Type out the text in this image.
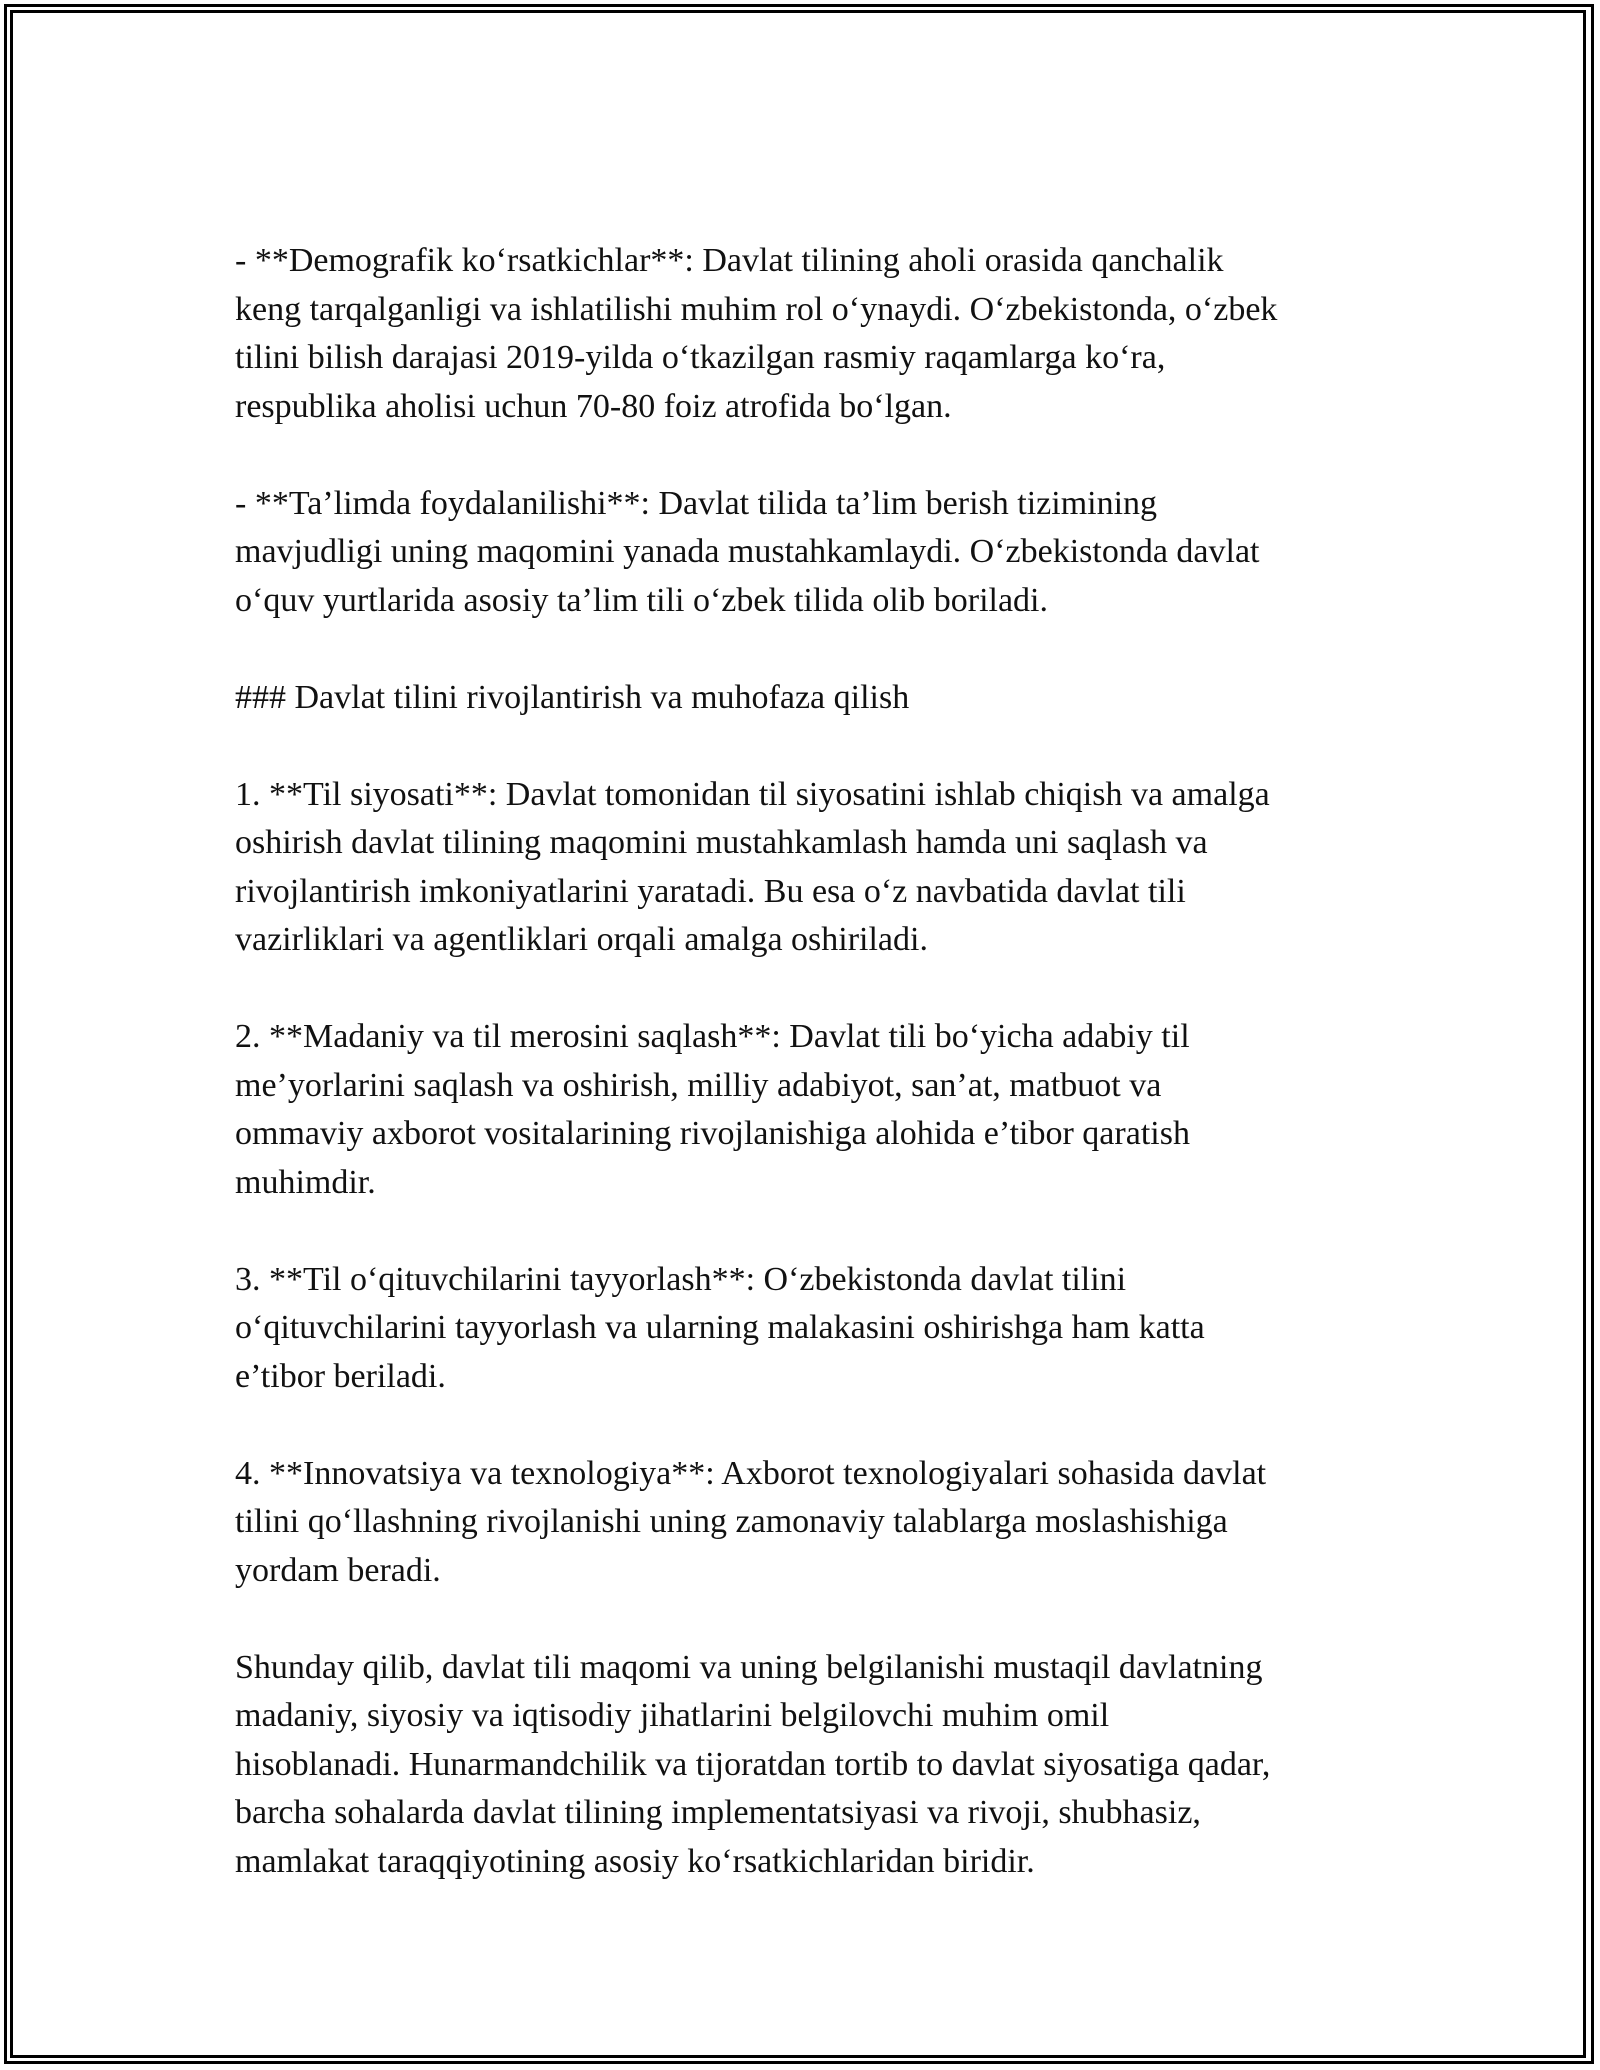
- **Demografik ko‘rsatkichlar**: Davlat tilining aholi orasida qanchalik
keng tarqalganligi va ishlatilishi muhim rol o‘ynaydi. O‘zbekistonda, o‘zbek
tilini bilish darajasi 2019-yilda o‘tkazilgan rasmiy raqamlarga ko‘ra,
respublika aholisi uchun 70-80 foiz atrofida bo‘lgan.

- **Ta’limda foydalanilishi**: Davlat tilida ta’lim berish tizimining
mavjudligi uning maqomini yanada mustahkamlaydi. O‘zbekistonda davlat
o‘quv yurtlarida asosiy ta’lim tili o‘zbek tilida olib boriladi.

### Davlat tilini rivojlantirish va muhofaza qilish

1. **Til siyosati**: Davlat tomonidan til siyosatini ishlab chiqish va amalga
oshirish davlat tilining maqomini mustahkamlash hamda uni saqlash va
rivojlantirish imkoniyatlarini yaratadi. Bu esa o‘z navbatida davlat tili
vazirliklari va agentliklari orqali amalga oshiriladi.

2. **Madaniy va til merosini saqlash**: Davlat tili bo‘yicha adabiy til
me’yorlarini saqlash va oshirish, milliy adabiyot, san’at, matbuot va
ommaviy axborot vositalarining rivojlanishiga alohida e’tibor qaratish
muhimdir.

3. **Til o‘qituvchilarini tayyorlash**: O‘zbekistonda davlat tilini
o‘qituvchilarini tayyorlash va ularning malakasini oshirishga ham katta
e’tibor beriladi.

4. **Innovatsiya va texnologiya**: Axborot texnologiyalari sohasida davlat
tilini qo‘llashning rivojlanishi uning zamonaviy talablarga moslashishiga
yordam beradi.

Shunday qilib, davlat tili maqomi va uning belgilanishi mustaqil davlatning
madaniy, siyosiy va iqtisodiy jihatlarini belgilovchi muhim omil
hisoblanadi. Hunarmandchilik va tijoratdan tortib to davlat siyosatiga qadar,
barcha sohalarda davlat tilining implementatsiyasi va rivoji, shubhasiz,
mamlakat taraqqiyotining asosiy ko‘rsatkichlaridan biridir.
